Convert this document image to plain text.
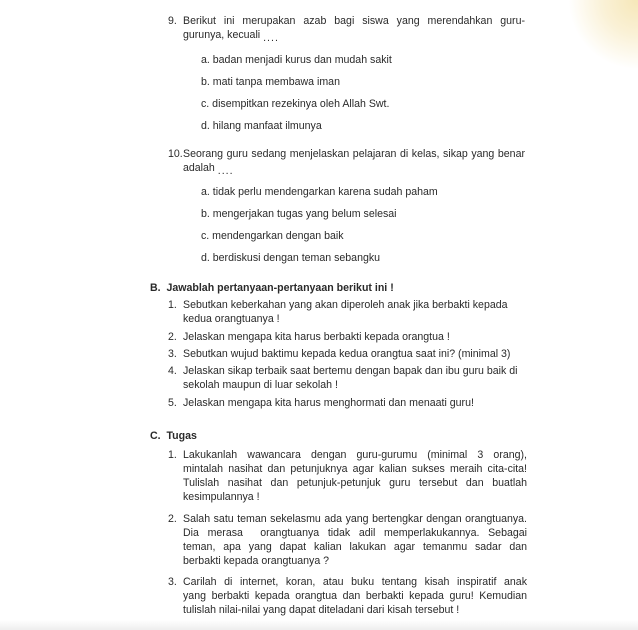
9. Berikut ini merupakan azab bagi siswa yang merendahkan guru-
gurunya, kecuali ....
a. badan menjadi kurus dan mudah sakit
b. mati tanpa membawa iman
c. disempitkan rezekinya oleh Allah Swt.
d. hilang manfaat ilmunya
10. Seorang guru sedang menjelaskan pelajaran di kelas, sikap yang benar
adalah ....
a. tidak perlu mendengarkan karena sudah paham
b. mengerjakan tugas yang belum selesai
c. mendengarkan dengan baik
d. berdiskusi dengan teman sebangku
B.  Jawablah pertanyaan-pertanyaan berikut ini !
1. Sebutkan keberkahan yang akan diperoleh anak jika berbakti kepada
kedua orangtuanya !
2. Jelaskan mengapa kita harus berbakti kepada orangtua !
3. Sebutkan wujud baktimu kepada kedua orangtua saat ini? (minimal 3)
4. Jelaskan sikap terbaik saat bertemu dengan bapak dan ibu guru baik di
sekolah maupun di luar sekolah !
5. Jelaskan mengapa kita harus menghormati dan menaati guru!
C.  Tugas
1. Lakukanlah wawancara dengan guru-gurumu (minimal 3 orang),
mintalah nasihat dan petunjuknya agar kalian sukses meraih cita-cita!
Tulislah nasihat dan petunjuk-petunjuk guru tersebut dan buatlah
kesimpulannya !
2. Salah satu teman sekelasmu ada yang bertengkar dengan orangtuanya.
Dia merasa  orangtuanya tidak adil memperlakukannya. Sebagai
teman, apa yang dapat kalian lakukan agar temanmu sadar dan
berbakti kepada orangtuanya ?
3. Carilah di internet, koran, atau buku tentang kisah inspiratif anak
yang berbakti kepada orangtua dan berbakti kepada guru! Kemudian
tulislah nilai-nilai yang dapat diteladani dari kisah tersebut !
